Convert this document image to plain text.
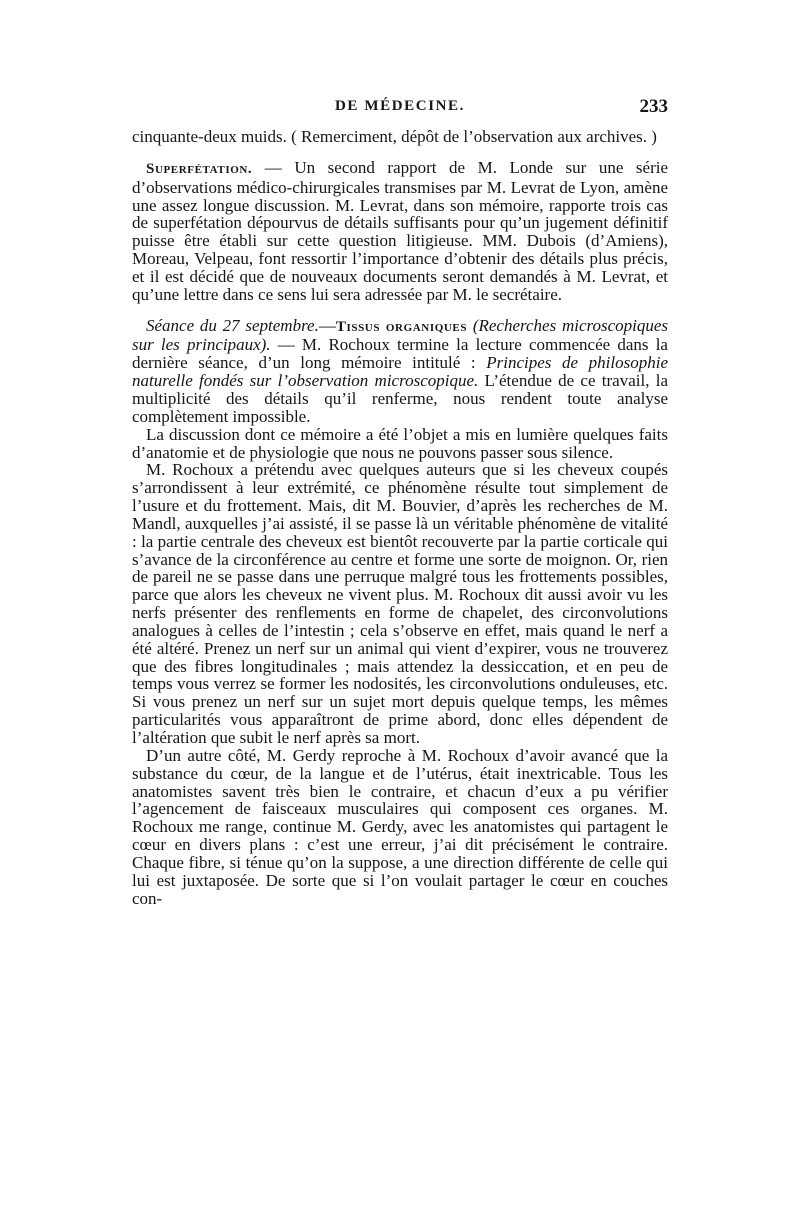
DE MÉDECINE.	233

cinquante-deux muids. ( Remerciment, dépôt de l’observation aux archives. )

Superfétation. — Un second rapport de M. Londe sur une série d’observations médico-chirurgicales transmises par M. Levrat de Lyon, amène une assez longue discussion. M. Levrat, dans son mémoire, rapporte trois cas de superfétation dépourvus de détails suffisants pour qu’un jugement définitif puisse être établi sur cette question litigieuse. MM. Dubois (d’Amiens), Moreau, Velpeau, font ressortir l’importance d’obtenir des détails plus précis, et il est décidé que de nouveaux documents seront demandés à M. Levrat, et qu’une lettre dans ce sens lui sera adressée par M. le secrétaire.

Séance du 27 septembre.—Tissus organiques (Recherches microscopiques sur les principaux). — M. Rochoux termine la lecture commencée dans la dernière séance, d’un long mémoire intitulé : Principes de philosophie naturelle fondés sur l’observation microscopique. L’étendue de ce travail, la multiplicité des détails qu’il renferme, nous rendent toute analyse complètement impossible.

La discussion dont ce mémoire a été l’objet a mis en lumière quelques faits d’anatomie et de physiologie que nous ne pouvons passer sous silence.

M. Rochoux a prétendu avec quelques auteurs que si les cheveux coupés s’arrondissent à leur extrémité, ce phénomène résulte tout simplement de l’usure et du frottement. Mais, dit M. Bouvier, d’après les recherches de M. Mandl, auxquelles j’ai assisté, il se passe là un véritable phénomène de vitalité : la partie centrale des cheveux est bientôt recouverte par la partie corticale qui s’avance de la circonférence au centre et forme une sorte de moignon. Or, rien de pareil ne se passe dans une perruque malgré tous les frottements possibles, parce que alors les cheveux ne vivent plus. M. Rochoux dit aussi avoir vu les nerfs présenter des renflements en forme de chapelet, des circonvolutions analogues à celles de l’intestin ; cela s’observe en effet, mais quand le nerf a été altéré. Prenez un nerf sur un animal qui vient d’expirer, vous ne trouverez que des fibres longitudinales ; mais attendez la dessiccation, et en peu de temps vous verrez se former les nodosités, les circonvolutions onduleuses, etc. Si vous prenez un nerf sur un sujet mort depuis quelque temps, les mêmes particularités vous apparaîtront de prime abord, donc elles dépendent de l’altération que subit le nerf après sa mort.

D’un autre côté, M. Gerdy reproche à M. Rochoux d’avoir avancé que la substance du cœur, de la langue et de l’utérus, était inextricable. Tous les anatomistes savent très bien le contraire, et chacun d’eux a pu vérifier l’agencement de faisceaux musculaires qui composent ces organes. M. Rochoux me range, continue M. Gerdy, avec les anatomistes qui partagent le cœur en divers plans : c’est une erreur, j’ai dit précisément le contraire. Chaque fibre, si ténue qu’on la suppose, a une direction différente de celle qui lui est juxtaposée. De sorte que si l’on voulait partager le cœur en couches con-
